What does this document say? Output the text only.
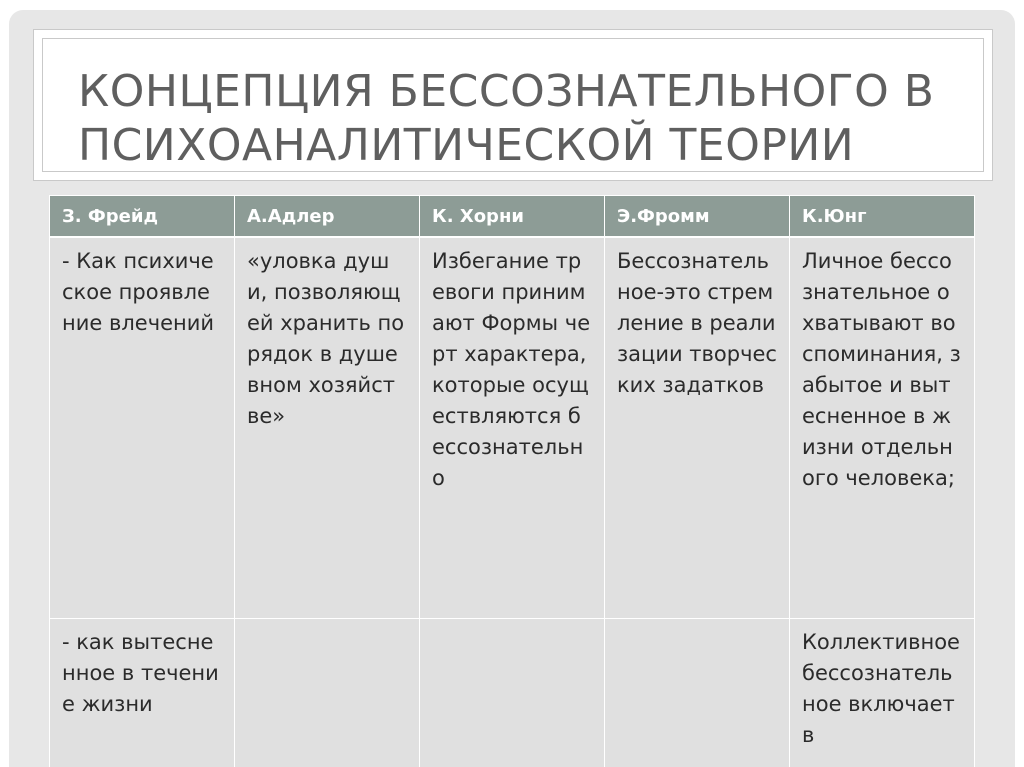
КОНЦЕПЦИЯ БЕССОЗНАТЕЛЬНОГО В ПСИХОАНАЛИТИЧЕСКОЙ ТЕОРИИ
З. Фрейд	А.Адлер	К. Хорни	Э.Фромм	К.Юнг
- Как психическое проявление влечений	«уловка души, позволяющей хранить порядок в душевном хозяйстве»	Избегание тревоги принимают Формы черт характера, которые осуществляются бессознательно	Бессознательное-это стремление в реализации творческих задатков	Личное бессознательное охватывают воспоминания, забытое и вытесненное в жизни отдельного человека;
- как вытесненное в течение жизни				Коллективное бессознательное включает в
